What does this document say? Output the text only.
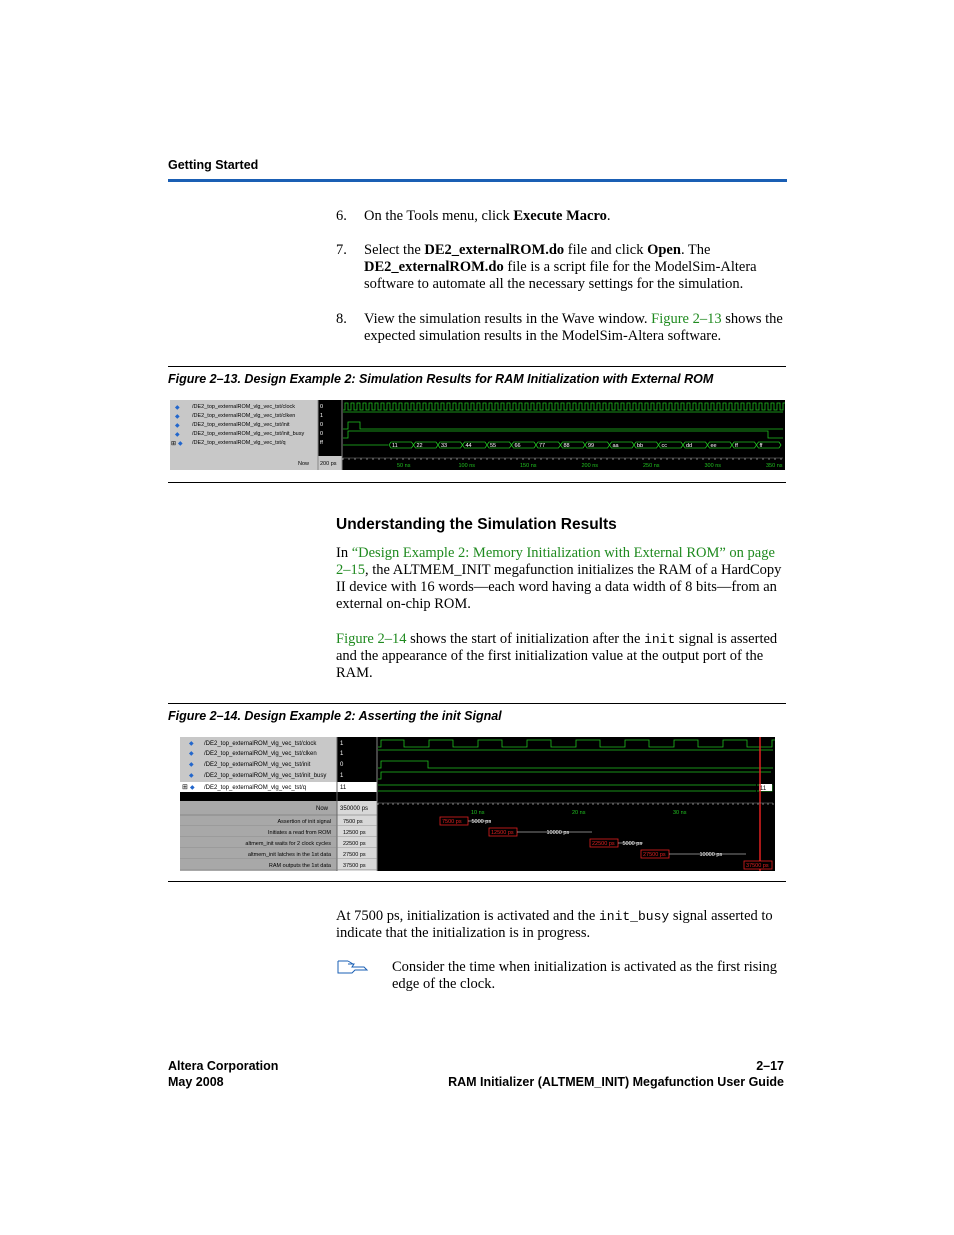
Getting Started
6. On the Tools menu, click Execute Macro.
7. Select the DE2_externalROM.do file and click Open. The DE2_externalROM.do file is a script file for the ModelSim-Altera software to automate all the necessary settings for the simulation.
8. View the simulation results in the Wave window. Figure 2–13 shows the expected simulation results in the ModelSim-Altera software.
Figure 2–13. Design Example 2: Simulation Results for RAM Initialization with External ROM
◆ /DE2_top_externalROM_vlg_vec_tst/clock	0
◆ /DE2_top_externalROM_vlg_vec_tst/clken	1
◆ /DE2_top_externalROM_vlg_vec_tst/init	0
◆ /DE2_top_externalROM_vlg_vec_tst/init_busy	0
⊞ ◆ /DE2_top_externalROM_vlg_vec_tst/q	ff
Now 200 ps
11	22	33	44	55	66	77	88	99	aa	bb	cc	dd	ee	ff	ff
50 ns	100 ns	150 ns	200 ns	250 ns	300 ns	350 ns
Understanding the Simulation Results
In “Design Example 2: Memory Initialization with External ROM” on page 2–15, the ALTMEM_INIT megafunction initializes the RAM of a HardCopy II device with 16 words—each word having a data width of 8 bits—from an external on-chip ROM.
Figure 2–14 shows the start of initialization after the init signal is asserted and the appearance of the first initialization value at the output port of the RAM.
Figure 2–14. Design Example 2: Asserting the init Signal
◆ /DE2_top_externalROM_vlg_vec_tst/clock	1
◆ /DE2_top_externalROM_vlg_vec_tst/clken	1
◆ /DE2_top_externalROM_vlg_vec_tst/init	0
◆ /DE2_top_externalROM_vlg_vec_tst/init_busy 1
⊞ ◆ /DE2_top_externalROM_vlg_vec_tst/q	11
Now 350000 ps
Assertion of init signal 7500 ps
Initiates a read from ROM 12500 ps
altmem_init waits for 2 clock cycles 22500 ps
altmem_init latches in the 1st data 27500 ps
RAM outputs the 1st data 37500 ps
11
10 ns	20 ns	30 ns
7500 ps 5000 ps
12500 ps	10000 ps
22500 ps 5000 ps
27500 ps	10000 ps
37500 ps
At 7500 ps, initialization is activated and the init_busy signal asserted to indicate that the initialization is in progress.
Consider the time when initialization is activated as the first rising edge of the clock.
Altera Corporation
May 2008
2–17
RAM Initializer (ALTMEM_INIT) Megafunction User Guide
